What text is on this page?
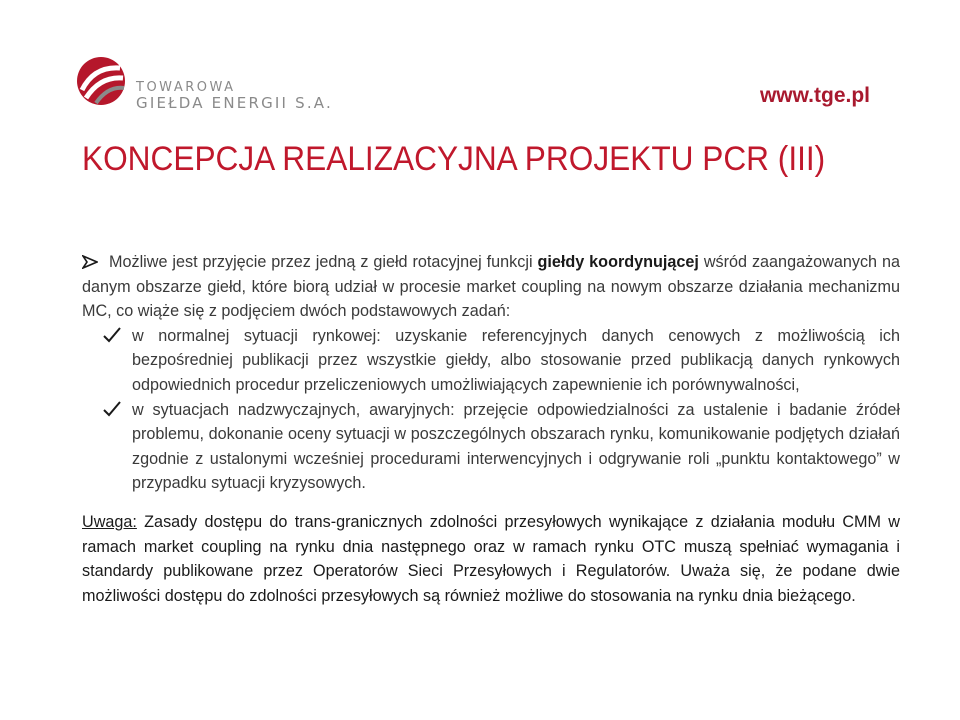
TOWAROWA
GIEŁDA ENERGII S.A.	www.tge.pl
KONCEPCJA REALIZACYJNA PROJEKTU PCR (III)

Możliwe jest przyjęcie przez jedną z giełd rotacyjnej funkcji giełdy koordynującej wśród zaangażowanych na danym obszarze giełd, które biorą udział w procesie market coupling na nowym obszarze działania mechanizmu MC, co wiąże się z podjęciem dwóch podstawowych zadań:

w normalnej sytuacji rynkowej: uzyskanie referencyjnych danych cenowych z możliwością ich bezpośredniej publikacji przez wszystkie giełdy, albo stosowanie przed publikacją danych rynkowych odpowiednich procedur przeliczeniowych umożliwiających zapewnienie ich porównywalności,
w sytuacjach nadzwyczajnych, awaryjnych: przejęcie odpowiedzialności za ustalenie i badanie źródeł problemu, dokonanie oceny sytuacji w poszczególnych obszarach rynku, komunikowanie podjętych działań zgodnie z ustalonymi wcześniej procedurami interwencyjnych i odgrywanie roli „punktu kontaktowego” w przypadku sytuacji kryzysowych.

Uwaga: Zasady dostępu do trans-granicznych zdolności przesyłowych wynikające z działania modułu CMM w ramach market coupling na rynku dnia następnego oraz w ramach rynku OTC muszą spełniać wymagania i standardy publikowane przez Operatorów Sieci Przesyłowych i Regulatorów. Uważa się, że podane dwie możliwości dostępu do zdolności przesyłowych są również możliwe do stosowania na rynku dnia bieżącego.
